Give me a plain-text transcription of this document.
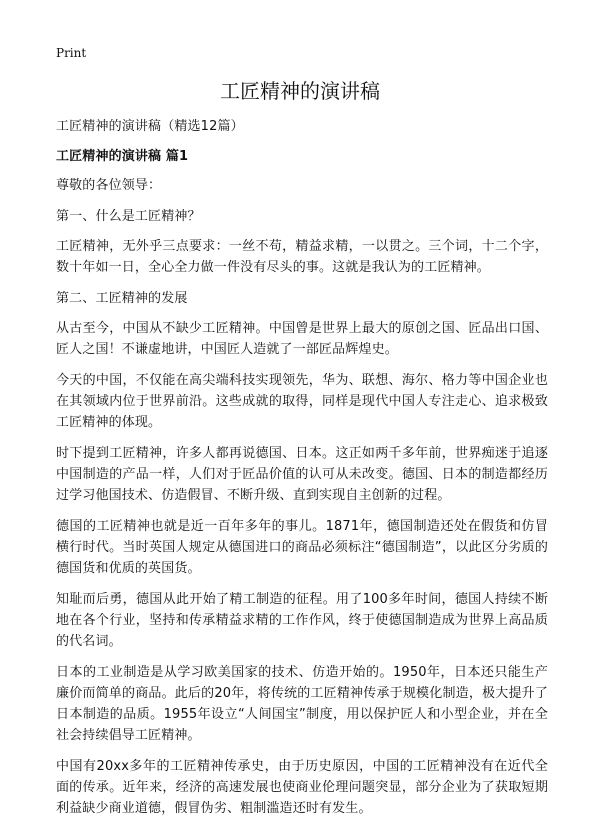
Print
工匠精神的演讲稿

工匠精神的演讲稿（精选12篇）

工匠精神的演讲稿 篇1

尊敬的各位领导：

第一、什么是工匠精神？

工匠精神，无外乎三点要求：一丝不苟，精益求精，一以贯之。三个词，十二个字，数十年如一日，全心全力做一件没有尽头的事。这就是我认为的工匠精神。

第二、工匠精神的发展

从古至今，中国从不缺少工匠精神。中国曾是世界上最大的原创之国、匠品出口国、匠人之国！不谦虚地讲，中国匠人造就了一部匠品辉煌史。

今天的中国，不仅能在高尖端科技实现领先，华为、联想、海尔、格力等中国企业也在其领域内位于世界前沿。这些成就的取得，同样是现代中国人专注走心、追求极致工匠精神的体现。

时下提到工匠精神，许多人都再说德国、日本。这正如两千多年前，世界痴迷于追逐中国制造的产品一样，人们对于匠品价值的认可从未改变。德国、日本的制造都经历过学习他国技术、仿造假冒、不断升级、直到实现自主创新的过程。

德国的工匠精神也就是近一百年多年的事儿。1871年，德国制造还处在假货和仿冒横行时代。当时英国人规定从德国进口的商品必须标注“德国制造”，以此区分劣质的德国货和优质的英国货。

知耻而后勇，德国从此开始了精工制造的征程。用了100多年时间，德国人持续不断地在各个行业，坚持和传承精益求精的工作作风，终于使德国制造成为世界上高品质的代名词。

日本的工业制造是从学习欧美国家的技术、仿造开始的。1950年，日本还只能生产廉价而简单的商品。此后的20年，将传统的工匠精神传承于规模化制造，极大提升了日本制造的品质。1955年设立“人间国宝”制度，用以保护匠人和小型企业，并在全社会持续倡导工匠精神。

中国有20xx多年的工匠精神传承史，由于历史原因，中国的工匠精神没有在近代全面的传承。近年来，经济的高速发展也使商业伦理问题突显，部分企业为了获取短期利益缺少商业道德，假冒伪劣、粗制滥造还时有发生。
